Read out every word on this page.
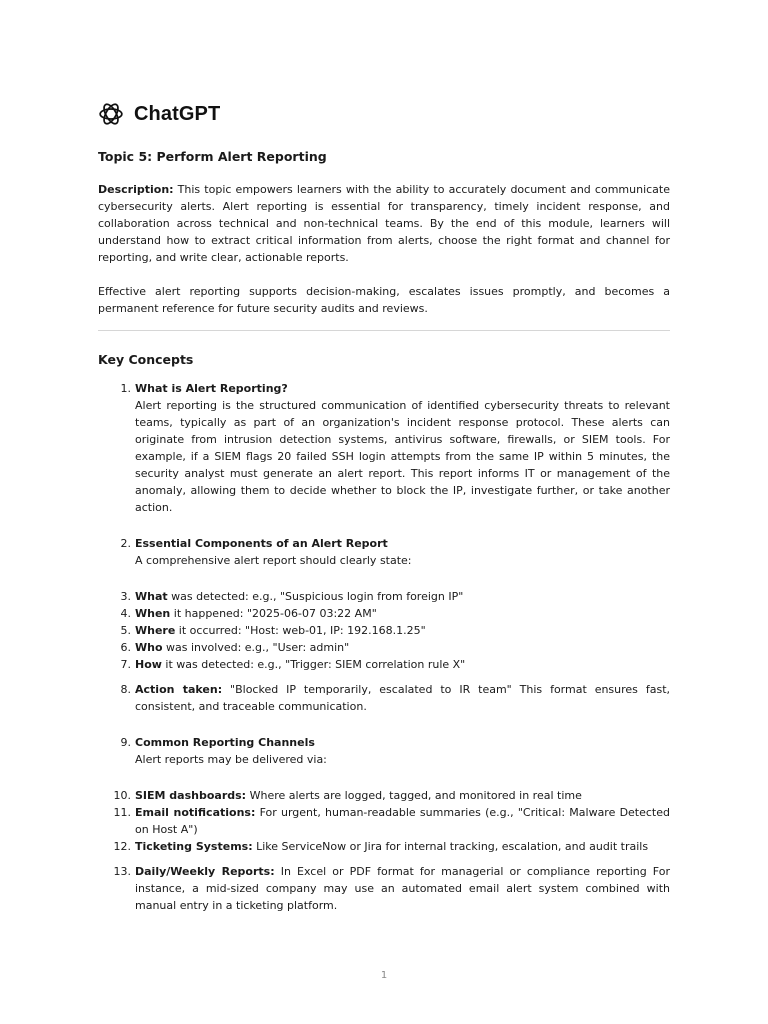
ChatGPT
Topic 5: Perform Alert Reporting

Description: This topic empowers learners with the ability to accurately document and communicate cybersecurity alerts. Alert reporting is essential for transparency, timely incident response, and collaboration across technical and non-technical teams. By the end of this module, learners will understand how to extract critical information from alerts, choose the right format and channel for reporting, and write clear, actionable reports.

Effective alert reporting supports decision-making, escalates issues promptly, and becomes a permanent reference for future security audits and reviews.

Key Concepts
1. What is Alert Reporting?
Alert reporting is the structured communication of identified cybersecurity threats to relevant teams, typically as part of an organization's incident response protocol. These alerts can originate from intrusion detection systems, antivirus software, firewalls, or SIEM tools. For example, if a SIEM flags 20 failed SSH login attempts from the same IP within 5 minutes, the security analyst must generate an alert report. This report informs IT or management of the anomaly, allowing them to decide whether to block the IP, investigate further, or take another action.
2. Essential Components of an Alert Report
A comprehensive alert report should clearly state:
3. What was detected: e.g., "Suspicious login from foreign IP"
4. When it happened: "2025-06-07 03:22 AM"
5. Where it occurred: "Host: web-01, IP: 192.168.1.25"
6. Who was involved: e.g., "User: admin"
7. How it was detected: e.g., "Trigger: SIEM correlation rule X"
8. Action taken: "Blocked IP temporarily, escalated to IR team" This format ensures fast, consistent, and traceable communication.
9. Common Reporting Channels
Alert reports may be delivered via:
10. SIEM dashboards: Where alerts are logged, tagged, and monitored in real time
11. Email notifications: For urgent, human-readable summaries (e.g., "Critical: Malware Detected on Host A")
12. Ticketing Systems: Like ServiceNow or Jira for internal tracking, escalation, and audit trails
13. Daily/Weekly Reports: In Excel or PDF format for managerial or compliance reporting For instance, a mid-sized company may use an automated email alert system combined with manual entry in a ticketing platform.
1
